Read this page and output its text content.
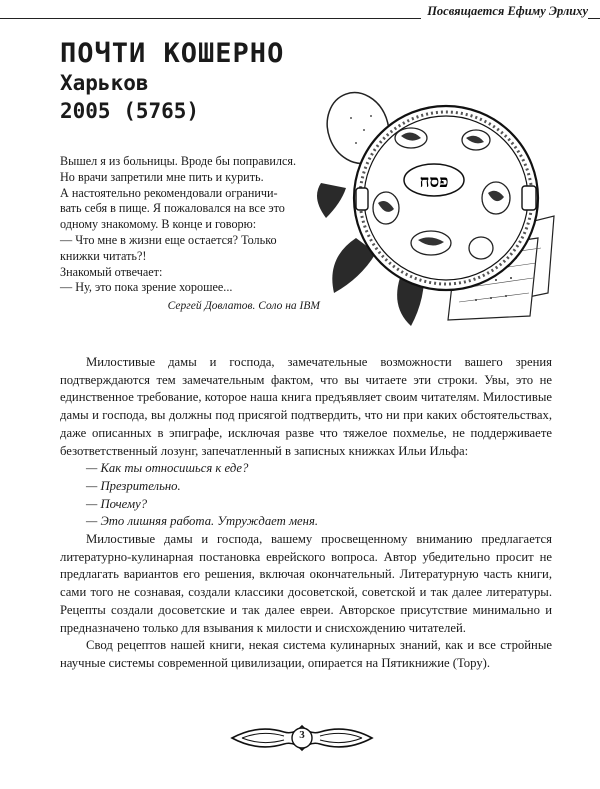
Посвящается Ефиму Эрлиху
ПОЧТИ КОШЕРНО
Харьков
2005 (5765)
פסח

Вышел я из больницы. Вроде бы поправился.

Но врачи запретили мне пить и курить.

А настоятельно рекомендовали ограничи-

вать себя в пище. Я пожаловался на все это

одному знакомому. В конце и говорю:

— Что мне в жизни еще остается? Только

книжки читать?!

Знакомый отвечает:

— Ну, это пока зрение хорошее...

Сергей Довлатов. Соло на IBM

Милостивые дамы и господа, замечательные возможности вашего зрения подтверждаются тем замечательным фактом, что вы читаете эти строки. Увы, это не единственное требование, которое наша книга предъявляет своим читателям. Милостивые дамы и господа, вы должны под присягой подтвердить, что ни при каких обстоятельствах, даже описанных в эпиграфе, исключая разве что тяжелое похмелье, не поддерживаете безответственный лозунг, запечатленный в записных книжках Ильи Ильфа:

— Как ты относишься к еде?

— Презрительно.

— Почему?

— Это лишняя работа. Утруждает меня.

Милостивые дамы и господа, вашему просвещенному вниманию предлагается литературно-кулинарная постановка еврейского вопроса. Автор убедительно просит не предлагать вариантов его решения, включая окончательный. Литературную часть книги, сами того не сознавая, создали классики досоветской, советской и так далее литературы. Рецепты создали досоветские и так далее евреи. Авторское присутствие минимально и предназначено только для взывания к милости и снисхождению читателей.

Свод рецептов нашей книги, некая система кулинарных знаний, как и все стройные научные системы современной цивилизации, опирается на Пятикнижие (Тору).

3
